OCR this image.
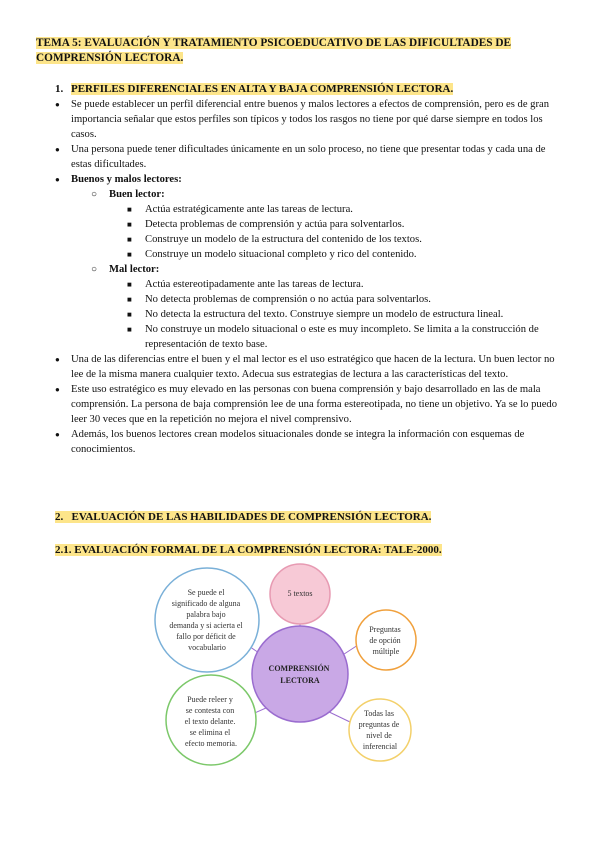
TEMA 5: EVALUACIÓN Y TRATAMIENTO PSICOEDUCATIVO DE LAS DIFICULTADES DE COMPRENSIÓN LECTORA.
1. PERFILES DIFERENCIALES EN ALTA Y BAJA COMPRENSIÓN LECTORA.
● Se puede establecer un perfil diferencial entre buenos y malos lectores a efectos de comprensión, pero es de gran importancia señalar que estos perfiles son típicos y todos los rasgos no tiene por qué darse siempre en todos los casos.
● Una persona puede tener dificultades únicamente en un solo proceso, no tiene que presentar todas y cada una de estas dificultades.
● Buenos y malos lectores:
○ Buen lector:
■ Actúa estratégicamente ante las tareas de lectura.
■ Detecta problemas de comprensión y actúa para solventarlos.
■ Construye un modelo de la estructura del contenido de los textos.
■ Construye un modelo situacional completo y rico del contenido.
○ Mal lector:
■ Actúa estereotipadamente ante las tareas de lectura.
■ No detecta problemas de comprensión o no actúa para solventarlos.
■ No detecta la estructura del texto. Construye siempre un modelo de estructura lineal.
■ No construye un modelo situacional o este es muy incompleto. Se limita a la construcción de representación de texto base.
● Una de las diferencias entre el buen y el mal lector es el uso estratégico que hacen de la lectura. Un buen lector no lee de la misma manera cualquier texto. Adecua sus estrategias de lectura a las características del texto.
● Este uso estratégico es muy elevado en las personas con buena comprensión y bajo desarrollado en las de mala comprensión. La persona de baja comprensión lee de una forma estereotipada, no tiene un objetivo. Ya se lo puedo leer 30 veces que en la repetición no mejora el nivel comprensivo.
● Además, los buenos lectores crean modelos situacionales donde se integra la información con esquemas de conocimientos.
2. EVALUACIÓN DE LAS HABILIDADES DE COMPRENSIÓN LECTORA.
2.1. EVALUACIÓN FORMAL DE LA COMPRENSIÓN LECTORA: TALE-2000.
COMPRENSIÓN LECTORA
Se puede el significado de alguna palabra bajo demanda y si acierta el fallo por déficit de vocabulario
5 textos
Preguntas de opción múltiple
Todas las preguntas de nivel de inferencial
Puede releer y se contesta con el texto delante. se elimina el efecto memoria.
